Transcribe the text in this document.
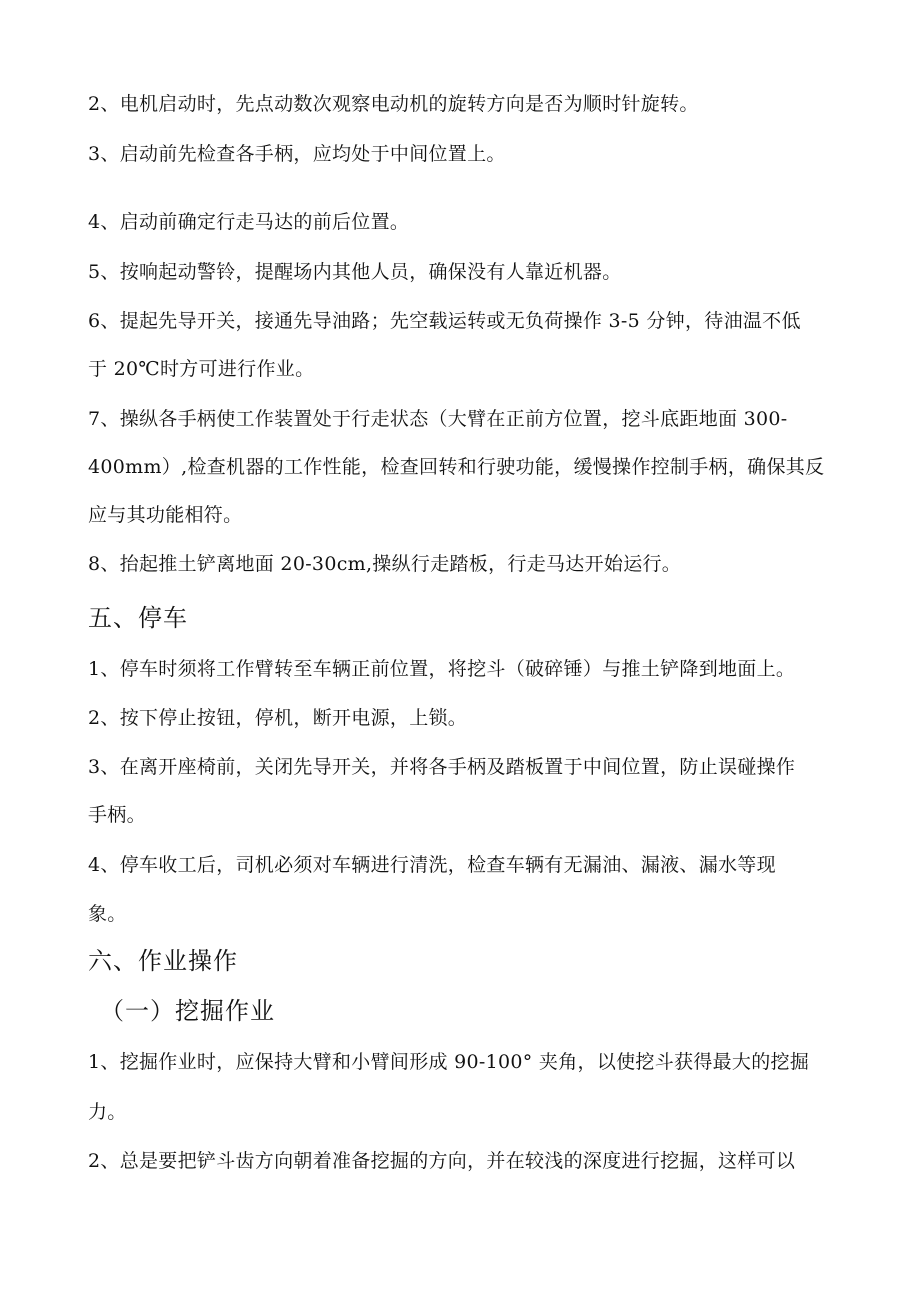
2、电机启动时，先点动数次观察电动机的旋转方向是否为顺时针旋转。
3、启动前先检查各手柄，应均处于中间位置上。
4、启动前确定行走马达的前后位置。
5、按响起动警铃，提醒场内其他人员，确保没有人靠近机器。
6、提起先导开关，接通先导油路；先空载运转或无负荷操作 3-5 分钟，待油温不低
于 20℃时方可进行作业。
7、操纵各手柄使工作装置处于行走状态（大臂在正前方位置，挖斗底距地面 300-
400mm）,检查机器的工作性能，检查回转和行驶功能，缓慢操作控制手柄，确保其反
应与其功能相符。
8、抬起推土铲离地面 20-30cm,操纵行走踏板，行走马达开始运行。
五、停车
1、停车时须将工作臂转至车辆正前位置，将挖斗（破碎锤）与推土铲降到地面上。
2、按下停止按钮，停机，断开电源，上锁。
3、在离开座椅前，关闭先导开关，并将各手柄及踏板置于中间位置，防止误碰操作
手柄。
4、停车收工后，司机必须对车辆进行清洗，检查车辆有无漏油、漏液、漏水等现
象。
六、作业操作
（一）挖掘作业
1、挖掘作业时，应保持大臂和小臂间形成 90-100° 夹角，以使挖斗获得最大的挖掘
力。
2、总是要把铲斗齿方向朝着准备挖掘的方向，并在较浅的深度进行挖掘，这样可以
